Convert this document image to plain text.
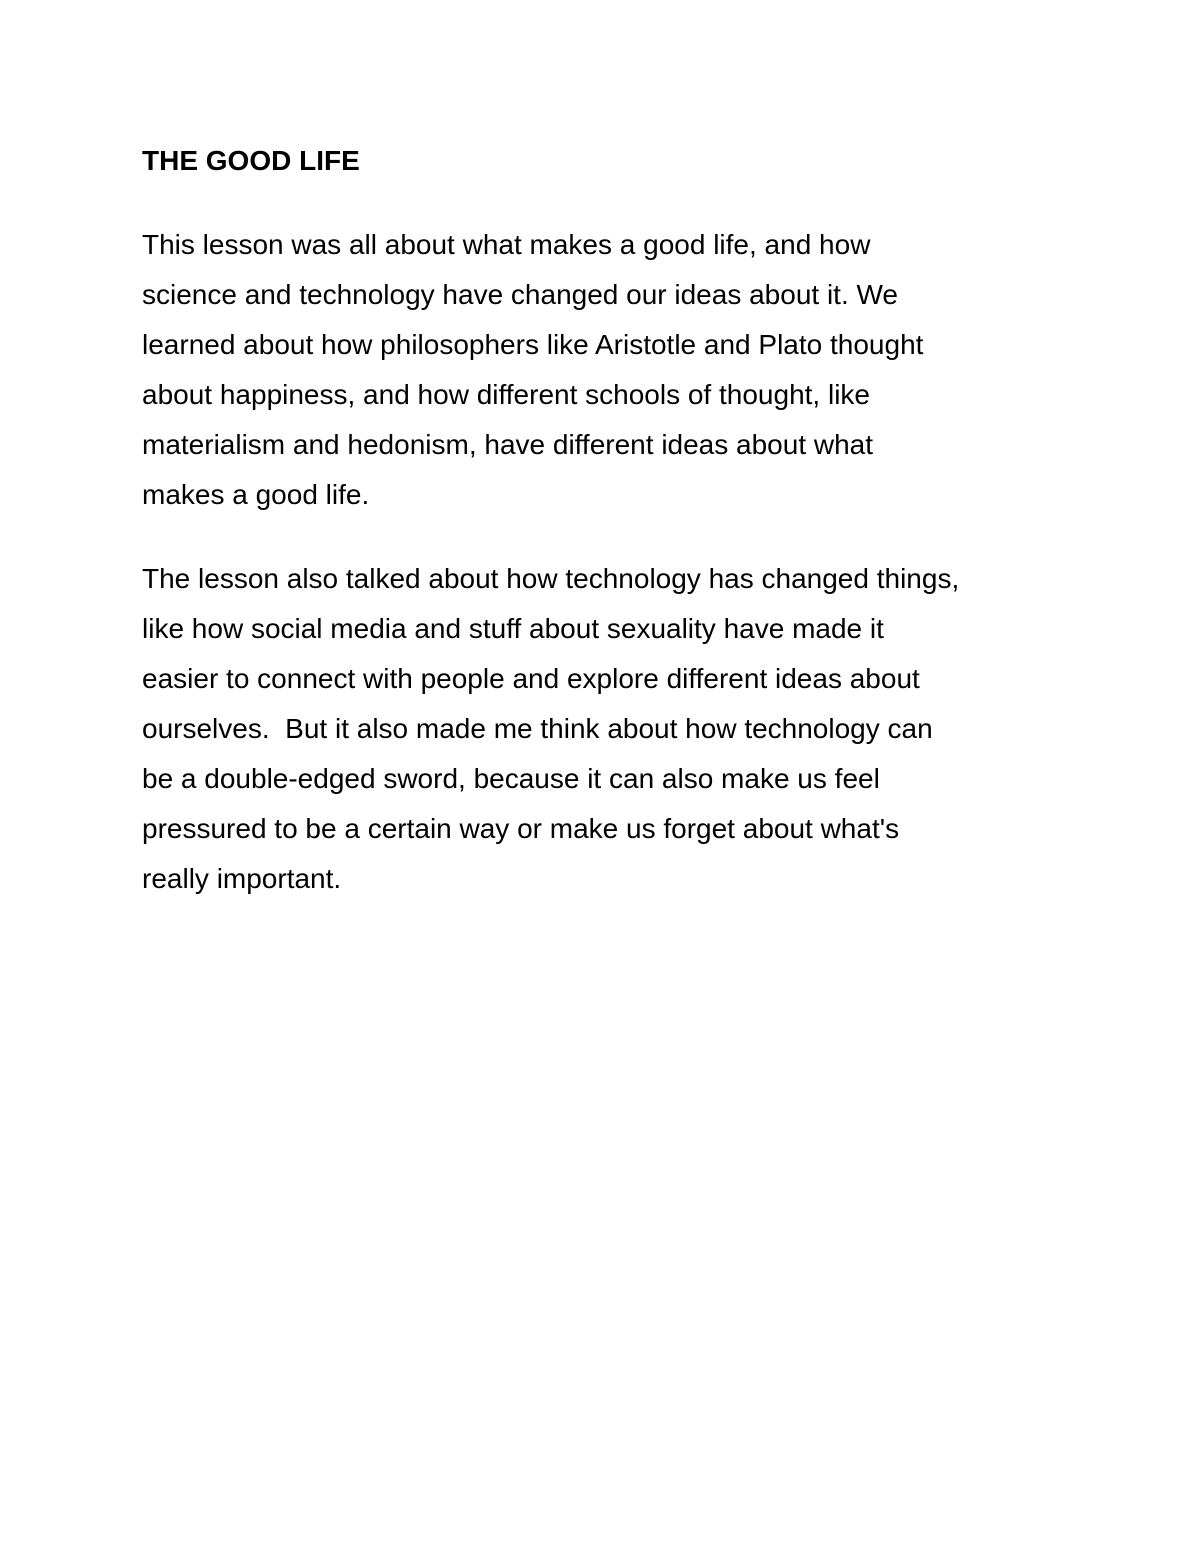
THE GOOD LIFE
This lesson was all about what makes a good life, and how
science and technology have changed our ideas about it. We
learned about how philosophers like Aristotle and Plato thought
about happiness, and how different schools of thought, like
materialism and hedonism, have different ideas about what
makes a good life.
The lesson also talked about how technology has changed things,
like how social media and stuff about sexuality have made it
easier to connect with people and explore different ideas about
ourselves.  But it also made me think about how technology can
be a double-edged sword, because it can also make us feel
pressured to be a certain way or make us forget about what's
really important.
